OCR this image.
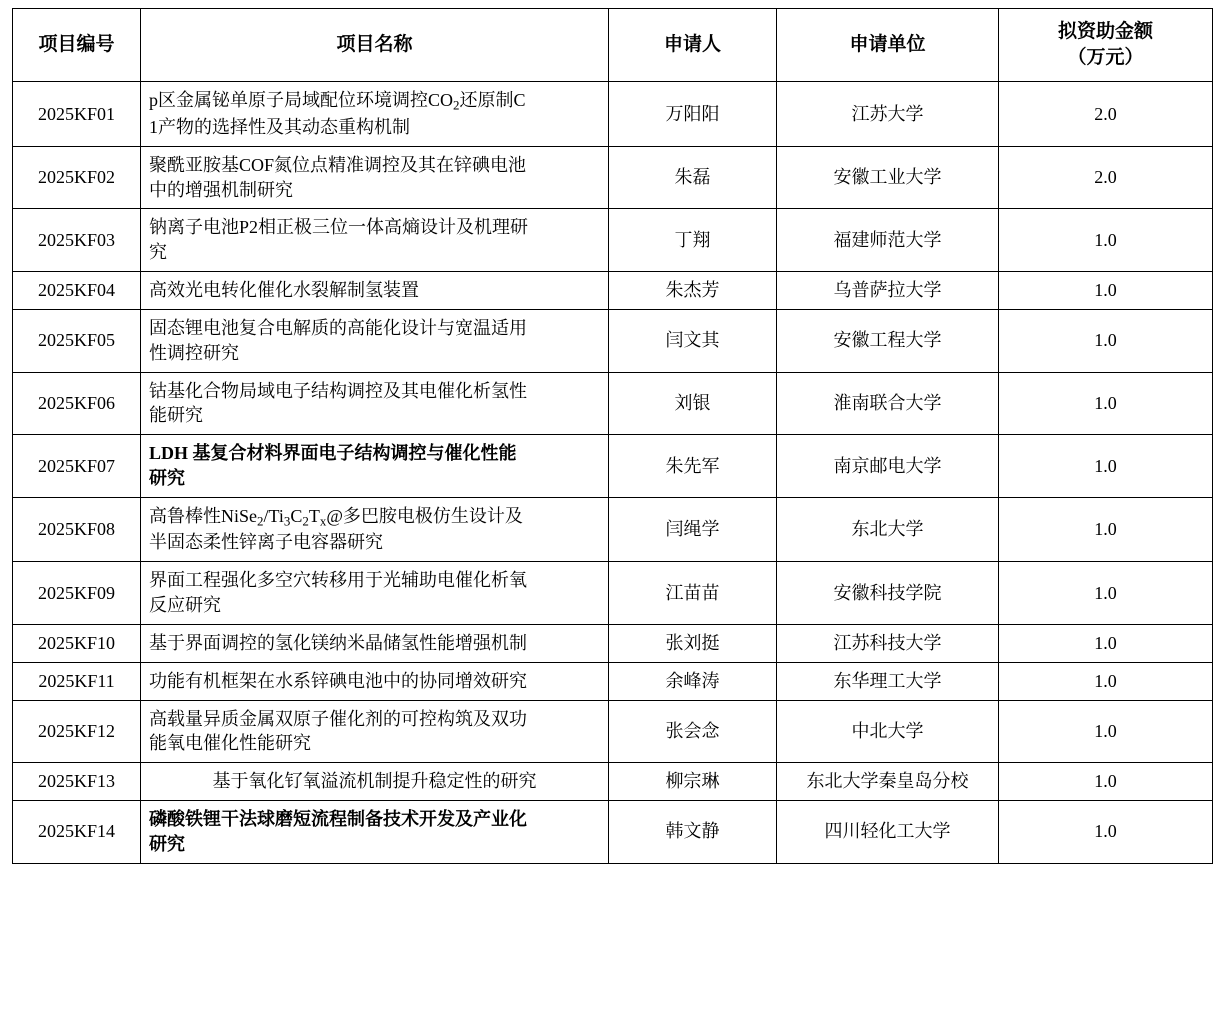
项目编号	项目名称	申请人	申请单位	拟资助金额
（万元）

2025KF01	p区金属铋单原子局域配位环境调控$CO_2$还原制C
1产物的选择性及其动态重构机制	万阳阳	江苏大学	2.0
2025KF02	聚酰亚胺基COF氮位点精准调控及其在锌碘电池
中的增强机制研究	朱磊	安徽工业大学	2.0
2025KF03	钠离子电池P2相正极三位一体高熵设计及机理研
究	丁翔	福建师范大学	1.0
2025KF04	高效光电转化催化水裂解制氢装置	朱杰芳	乌普萨拉大学	1.0
2025KF05	固态锂电池复合电解质的高能化设计与宽温适用
性调控研究	闫文其	安徽工程大学	1.0
2025KF06	钴基化合物局域电子结构调控及其电催化析氢性
能研究	刘银	淮南联合大学	1.0
2025KF07	LDH 基复合材料界面电子结构调控与催化性能
研究	朱先军	南京邮电大学	1.0
2025KF08	高鲁棒性$NiSe_2/Ti_3C_2T_x@$多巴胺电极仿生设计及
半固态柔性锌离子电容器研究	闫绳学	东北大学	1.0
2025KF09	界面工程强化多空穴转移用于光辅助电催化析氧
反应研究	江苗苗	安徽科技学院	1.0
2025KF10	基于界面调控的氢化镁纳米晶储氢性能增强机制	张刘挺	江苏科技大学	1.0
2025KF11	功能有机框架在水系锌碘电池中的协同增效研究	余峰涛	东华理工大学	1.0
2025KF12	高载量异质金属双原子催化剂的可控构筑及双功
能氧电催化性能研究	张会念	中北大学	1.0
2025KF13	基于氧化钌氧溢流机制提升稳定性的研究	柳宗琳	东北大学秦皇岛分校	1.0
2025KF14	磷酸铁锂干法球磨短流程制备技术开发及产业化
研究	韩文静	四川轻化工大学	1.0
